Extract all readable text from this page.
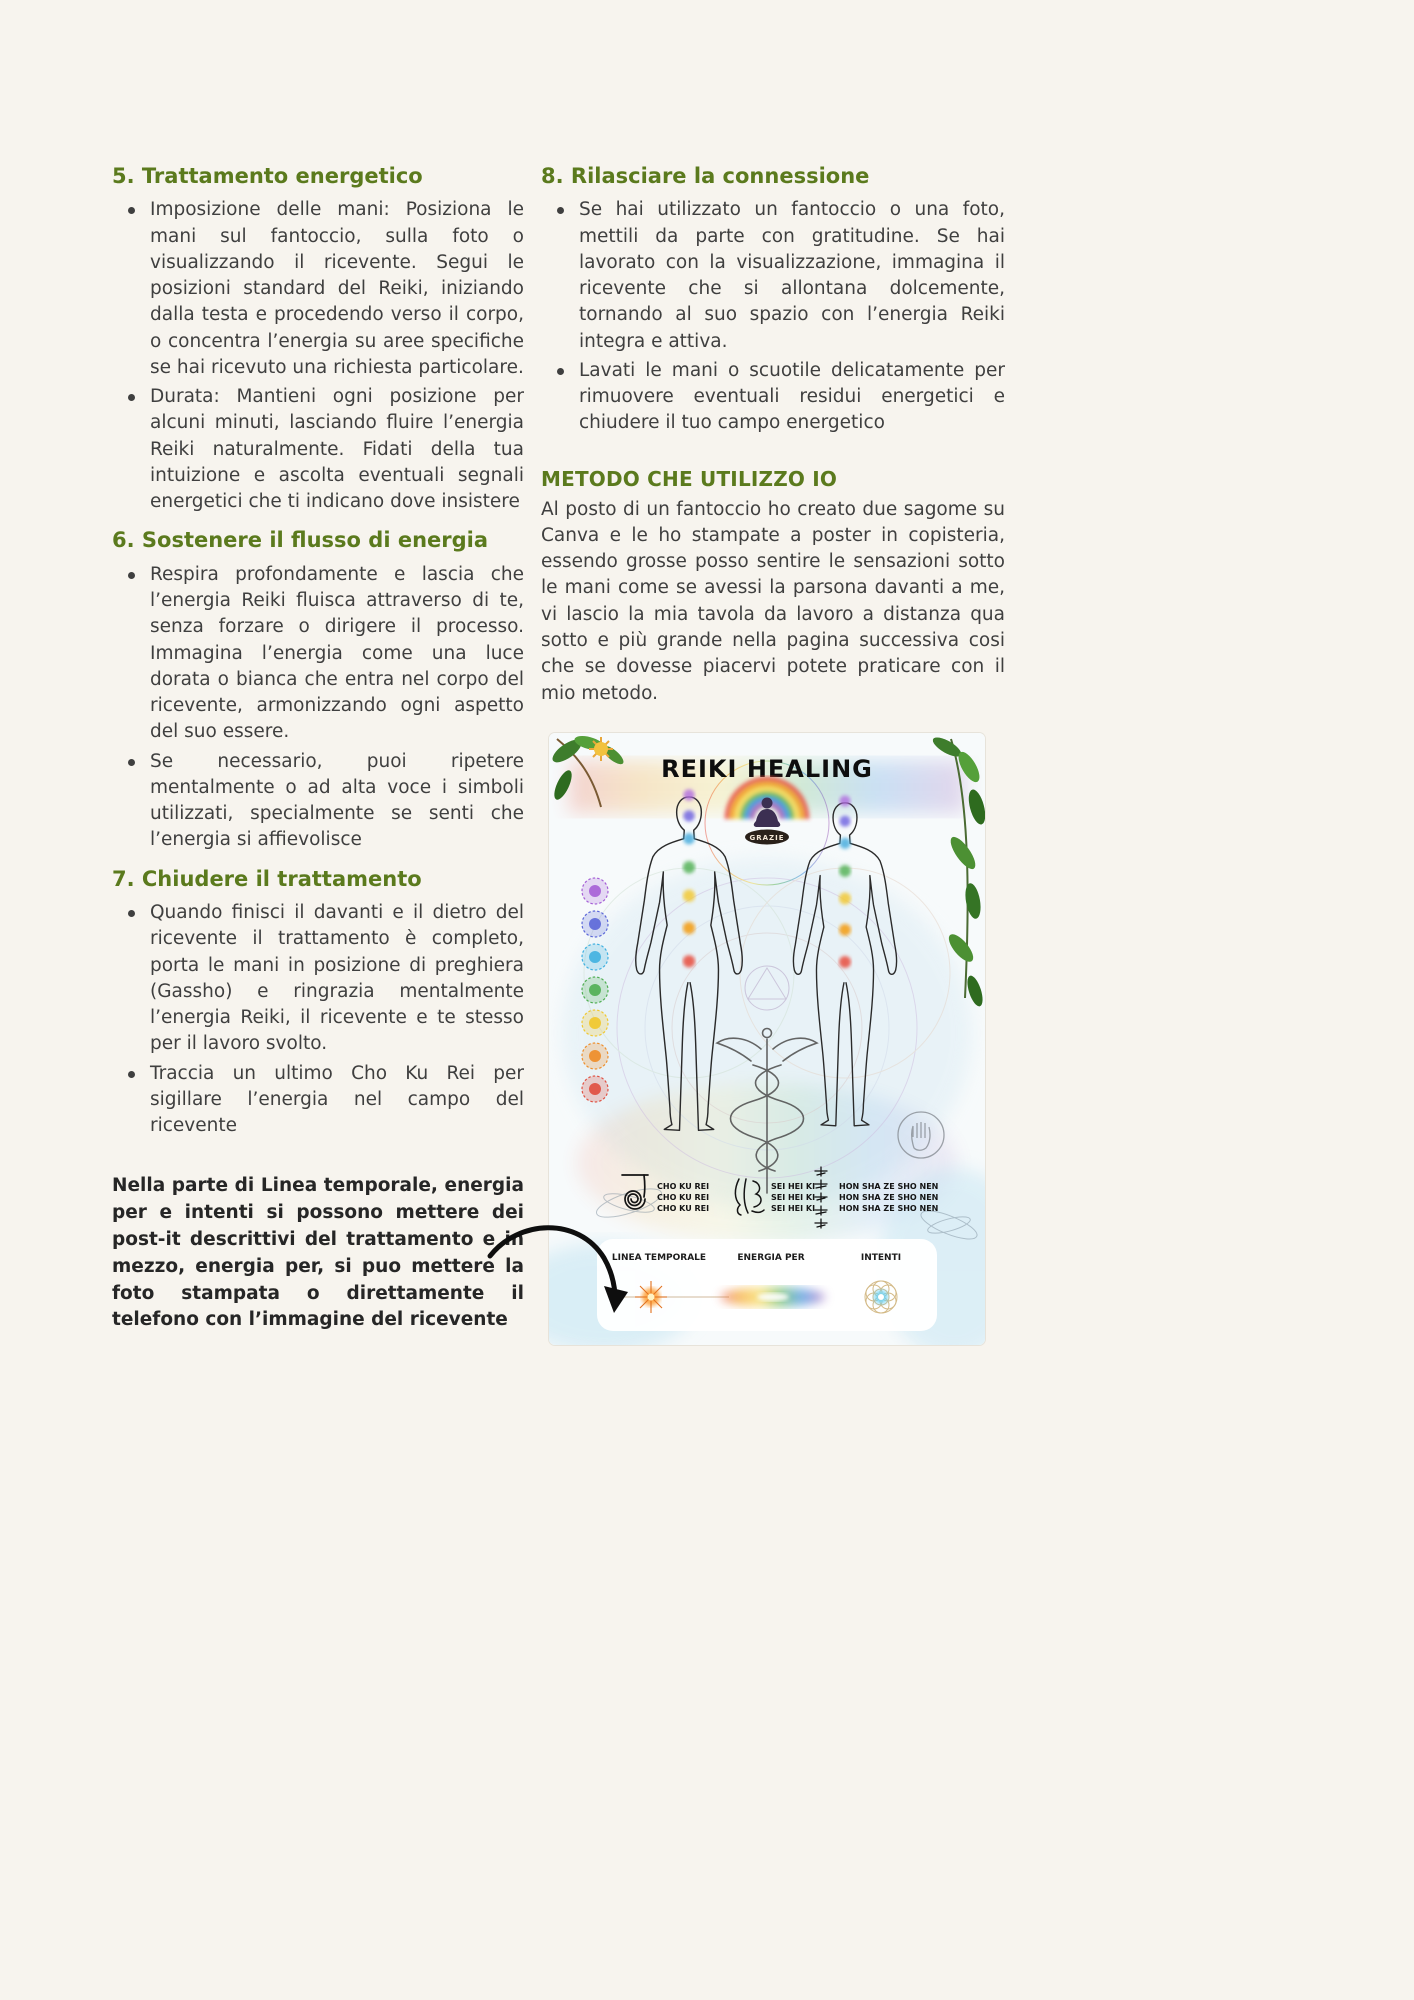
5. Trattamento energetico
Imposizione delle mani: Posiziona le mani sul fantoccio, sulla foto o visualizzando il ricevente. Segui le posizioni standard del Reiki, iniziando dalla testa e procedendo verso il corpo, o concentra l’energia su aree specifiche se hai ricevuto una richiesta particolare.
Durata: Mantieni ogni posizione per alcuni minuti, lasciando fluire l’energia Reiki naturalmente. Fidati della tua intuizione e ascolta eventuali segnali energetici che ti indicano dove insistere
6. Sostenere il flusso di energia
Respira profondamente e lascia che l’energia Reiki fluisca attraverso di te, senza forzare o dirigere il processo. Immagina l’energia come una luce dorata o bianca che entra nel corpo del ricevente, armonizzando ogni aspetto del suo essere.
Se necessario, puoi ripetere mentalmente o ad alta voce i simboli utilizzati, specialmente se senti che l’energia si affievolisce
7. Chiudere il trattamento
Quando finisci il davanti e il dietro del ricevente il trattamento è completo, porta le mani in posizione di preghiera (Gassho) e ringrazia mentalmente l’energia Reiki, il ricevente e te stesso per il lavoro svolto.
Traccia un ultimo Cho Ku Rei per sigillare l’energia nel campo del ricevente

Nella parte di Linea temporale, energia per e intenti si possono mettere dei post-it descrittivi del trattamento e in mezzo, energia per, si puo mettere la foto stampata o direttamente il telefono con l’immagine del ricevente

8. Rilasciare la connessione
Se hai utilizzato un fantoccio o una foto, mettili da parte con gratitudine. Se hai lavorato con la visualizzazione, immagina il ricevente che si allontana dolcemente, tornando al suo spazio con l’energia Reiki integra e attiva.
Lavati le mani o scuotile delicatamente per rimuovere eventuali residui energetici e chiudere il tuo campo energetico
METODO CHE UTILIZZO IO

Al posto di un fantoccio ho creato due sagome su Canva e le ho stampate a poster in copisteria, essendo grosse posso sentire le sensazioni sotto le mani come se avessi la parsona davanti a me, vi lascio la mia tavola da lavoro a distanza qua sotto e più grande nella pagina successiva cosi che se dovesse piacervi potete praticare con il mio metodo.

REIKI HEALING
GRAZIE
CHO KU REI
CHO KU REI
CHO KU REI
SEI HEI KI
SEI HEI KI
SEI HEI KI
HON SHA ZE SHO NEN
HON SHA ZE SHO NEN
HON SHA ZE SHO NEN
LINEA TEMPORALE	ENERGIA PER	INTENTI
